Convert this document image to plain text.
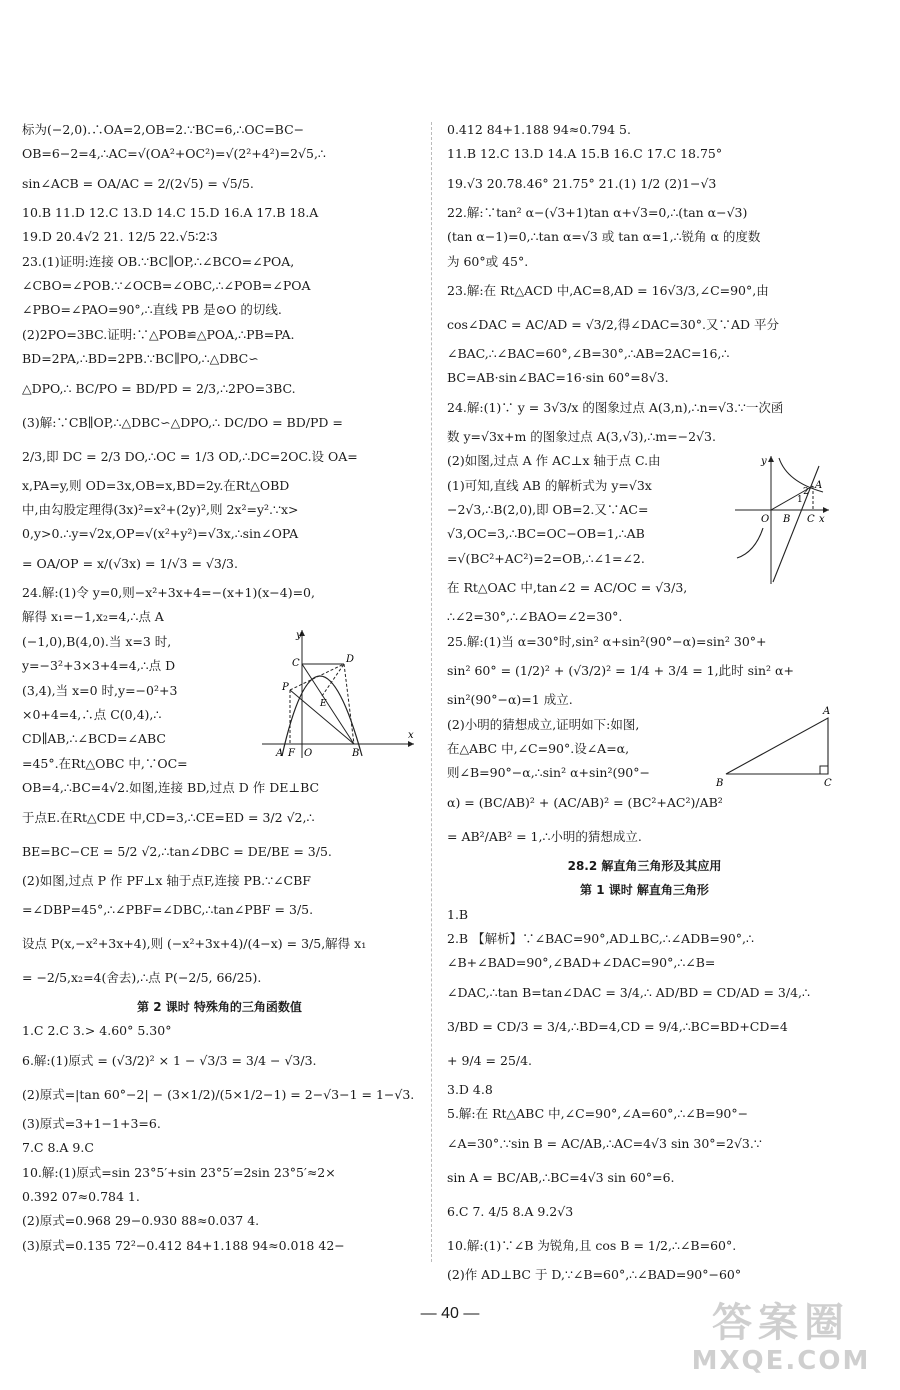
标为(−2,0).∴OA=2,OB=2.∵BC=6,∴OC=BC−
OB=6−2=4,∴AC=√(OA²+OC²)=√(2²+4²)=2√5,∴
sin∠ACB = OA/AC = 2/(2√5) = √5/5.
10.B 11.D 12.C 13.D 14.C 15.D 16.A 17.B 18.A
19.D 20.4√2 21. 12/5 22.√5∶2∶3
23.(1)证明:连接 OB.∵BC∥OP,∴∠BCO=∠POA,
∠CBO=∠POB.∵∠OCB=∠OBC,∴∠POB=∠POA
∠PBO=∠PAO=90°,∴直线 PB 是⊙O 的切线.
(2)2PO=3BC.证明:∵△POB≌△POA,∴PB=PA.
BD=2PA,∴BD=2PB.∵BC∥PO,∴△DBC∽
△DPO,∴ BC/PO = BD/PD = 2/3,∴2PO=3BC.
(3)解:∵CB∥OP,∴△DBC∽△DPO,∴ DC/DO = BD/PD =
2/3,即 DC = 2/3 DO,∴OC = 1/3 OD,∴DC=2OC.设 OA=
x,PA=y,则 OD=3x,OB=x,BD=2y.在Rt△OBD
中,由勾股定理得(3x)²=x²+(2y)²,则 2x²=y².∵x>
0,y>0.∴y=√2x,OP=√(x²+y²)=√3x,∴sin∠OPA
= OA/OP = x/(√3x) = 1/√3 = √3/3.
24.解:(1)令 y=0,则−x²+3x+4=−(x+1)(x−4)=0,
解得 x₁=−1,x₂=4,∴点 A
(−1,0),B(4,0).当 x=3 时,
y=−3²+3×3+4=4,∴点 D
(3,4),当 x=0 时,y=−0²+3
×0+4=4,∴点 C(0,4),∴
CD∥AB,∴∠BCD=∠ABC
=45°.在Rt△OBC 中,∵OC=
OB=4,∴BC=4√2.如图,连接 BD,过点 D 作 DE⊥BC
于点E.在Rt△CDE 中,CD=3,∴CE=ED = 3/2 √2,∴
BE=BC−CE = 5/2 √2,∴tan∠DBC = DE/BE = 3/5.
(2)如图,过点 P 作 PF⊥x 轴于点F,连接 PB.∵∠CBF
=∠DBP=45°,∴∠PBF=∠DBC,∴tan∠PBF = 3/5.
设点 P(x,−x²+3x+4),则 (−x²+3x+4)/(4−x) = 3/5,解得 x₁
= −2/5,x₂=4(舍去),∴点 P(−2/5, 66/25).
第 2 课时 特殊角的三角函数值
1.C 2.C 3.> 4.60° 5.30°
6.解:(1)原式 = (√3/2)² × 1 − √3/3 = 3/4 − √3/3.
(2)原式=|tan 60°−2| − (3×1/2)/(5×1/2−1) = 2−√3−1 = 1−√3.
(3)原式=3+1−1+3=6.
7.C 8.A 9.C
10.解:(1)原式=sin 23°5′+sin 23°5′=2sin 23°5′≈2×
0.392 07≈0.784 1.
(2)原式=0.968 29−0.930 88≈0.037 4.
(3)原式=0.135 72²−0.412 84+1.188 94≈0.018 42−
0.412 84+1.188 94≈0.794 5.
11.B 12.C 13.D 14.A 15.B 16.C 17.C 18.75°
19.√3 20.78.46° 21.75° 21.(1) 1/2 (2)1−√3
22.解:∵tan² α−(√3+1)tan α+√3=0,∴(tan α−√3)
(tan α−1)=0,∴tan α=√3 或 tan α=1,∴锐角 α 的度数
为 60°或 45°.
23.解:在 Rt△ACD 中,AC=8,AD = 16√3/3,∠C=90°,由
cos∠DAC = AC/AD = √3/2,得∠DAC=30°.又∵AD 平分
∠BAC,∴∠BAC=60°,∠B=30°,∴AB=2AC=16,∴
BC=AB·sin∠BAC=16·sin 60°=8√3.
24.解:(1)∵ y = 3√3/x 的图象过点 A(3,n),∴n=√3.∵一次函
数 y=√3x+m 的图象过点 A(3,√3),∴m=−2√3.
(2)如图,过点 A 作 AC⊥x 轴于点 C.由
(1)可知,直线 AB 的解析式为 y=√3x
−2√3,∴B(2,0),即 OB=2.又∵AC=
√3,OC=3,∴BC=OC−OB=1,∴AB
=√(BC²+AC²)=2=OB,∴∠1=∠2.
在 Rt△OAC 中,tan∠2 = AC/OC = √3/3,
∴∠2=30°,∴∠BAO=∠2=30°.
25.解:(1)当 α=30°时,sin² α+sin²(90°−α)=sin² 30°+
sin² 60° = (1/2)² + (√3/2)² = 1/4 + 3/4 = 1,此时 sin² α+
sin²(90°−α)=1 成立.
(2)小明的猜想成立,证明如下:如图,
在△ABC 中,∠C=90°.设∠A=α,
则∠B=90°−α,∴sin² α+sin²(90°−
α) = (BC/AB)² + (AC/AB)² = (BC²+AC²)/AB²
= AB²/AB² = 1,∴小明的猜想成立.
28.2 解直角三角形及其应用
第 1 课时 解直角三角形
1.B
2.B 【解析】∵∠BAC=90°,AD⊥BC,∴∠ADB=90°,∴
∠B+∠BAD=90°,∠BAD+∠DAC=90°,∴∠B=
∠DAC,∴tan B=tan∠DAC = 3/4,∴ AD/BD = CD/AD = 3/4,∴
3/BD = CD/3 = 3/4,∴BD=4,CD = 9/4,∴BC=BD+CD=4
+ 9/4 = 25/4.
3.D 4.8
5.解:在 Rt△ABC 中,∠C=90°,∠A=60°,∴∠B=90°−
∠A=30°.∵sin B = AC/AB,∴AC=4√3 sin 30°=2√3.∵
sin A = BC/AB,∴BC=4√3 sin 60°=6.
6.C 7. 4/5 8.A 9.2√3
10.解:(1)∵∠B 为锐角,且 cos B = 1/2,∴∠B=60°.
(2)作 AD⊥BC 于 D,∵∠B=60°,∴∠BAD=90°−60°
y
x
C
P
E
D
A F O	B
y
x
A
O B C
1
2
A
B	C
— 40 —	答案圈
MXQE.COM
